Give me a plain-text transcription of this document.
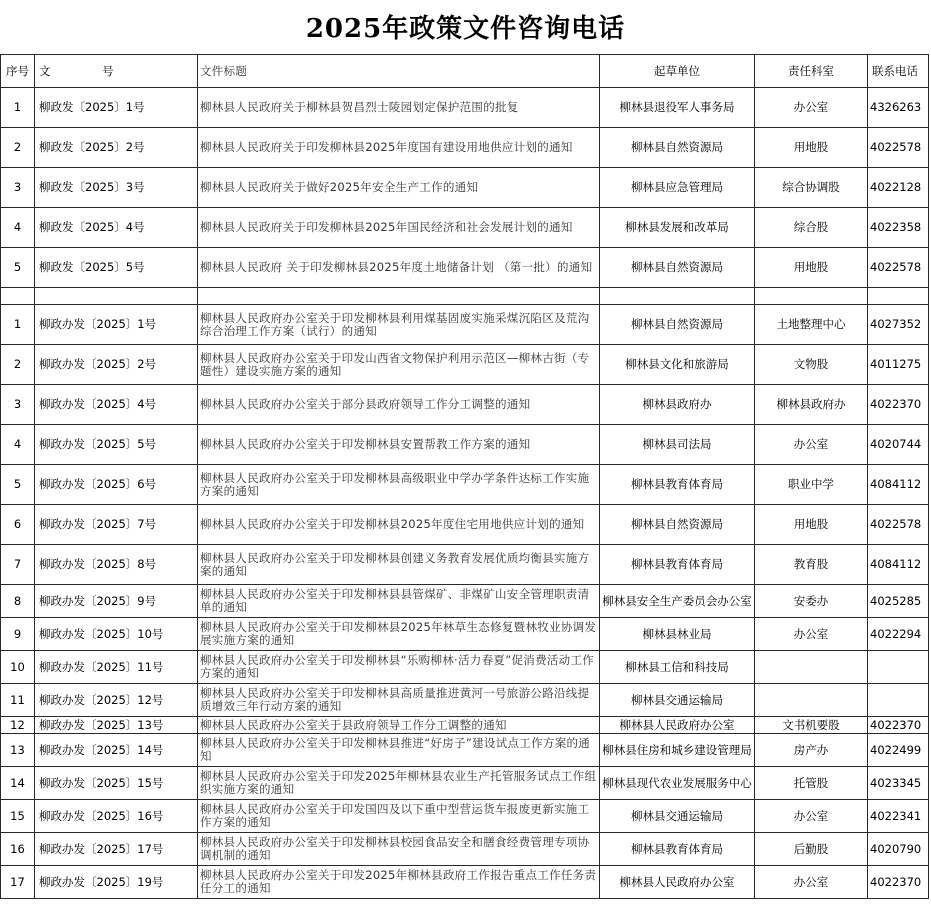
2025年政策文件咨询电话
序号	文 号	文件标题	起草单位	责任科室	联系电话
1	柳政发〔2025〕1号	柳林县人民政府关于柳林县贺昌烈士陵园划定保护范围的批复	柳林县退役军人事务局	办公室	4326263
2	柳政发〔2025〕2号	柳林县人民政府关于印发柳林县2025年度国有建设用地供应计划的通知	柳林县自然资源局	用地股	4022578
3	柳政发〔2025〕3号	柳林县人民政府关于做好2025年安全生产工作的通知	柳林县应急管理局	综合协调股	4022128
4	柳政发〔2025〕4号	柳林县人民政府关于印发柳林县2025年国民经济和社会发展计划的通知	柳林县发展和改革局	综合股	4022358
5	柳政发〔2025〕5号	柳林县人民政府 关于印发柳林县2025年度土地储备计划 （第一批）的通知	柳林县自然资源局	用地股	4022578

1	柳政办发〔2025〕1号	柳林县人民政府办公室关于印发柳林县利用煤基固废实施采煤沉陷区及荒沟综合治理工作方案（试行）的通知	柳林县自然资源局	土地整理中心	4027352
2	柳政办发〔2025〕2号	柳林县人民政府办公室关于印发山西省文物保护利用示范区—柳林古街（专题性）建设实施方案的通知	柳林县文化和旅游局	文物股	4011275
3	柳政办发〔2025〕4号	柳林县人民政府办公室关于部分县政府领导工作分工调整的通知	柳林县政府办	柳林县政府办	4022370
4	柳政办发〔2025〕5号	柳林县人民政府办公室关于印发柳林县安置帮教工作方案的通知	柳林县司法局	办公室	4020744
5	柳政办发〔2025〕6号	柳林县人民政府办公室关于印发柳林县高级职业中学办学条件达标工作实施方案的通知	柳林县教育体育局	职业中学	4084112
6	柳政办发〔2025〕7号	柳林县人民政府办公室关于印发柳林县2025年度住宅用地供应计划的通知	柳林县自然资源局	用地股	4022578
7	柳政办发〔2025〕8号	柳林县人民政府办公室关于印发柳林县创建义务教育发展优质均衡县实施方案的通知	柳林县教育体育局	教育股	4084112
8	柳政办发〔2025〕9号	柳林县人民政府办公室关于印发柳林县县管煤矿、非煤矿山安全管理职责清单的通知	柳林县安全生产委员会办公室	安委办	4025285
9	柳政办发〔2025〕10号	柳林县人民政府办公室关于印发柳林县2025年林草生态修复暨林牧业协调发展实施方案的通知	柳林县林业局	办公室	4022294
10	柳政办发〔2025〕11号	柳林县人民政府办公室关于印发柳林县“乐购柳林·活力春夏”促消费活动工作方案的通知	柳林县工信和科技局		
11	柳政办发〔2025〕12号	柳林县人民政府办公室关于印发柳林县高质量推进黄河一号旅游公路沿线提质增效三年行动方案的通知	柳林县交通运输局		
12	柳政办发〔2025〕13号	柳林县人民政府办公室关于县政府领导工作分工调整的通知	柳林县人民政府办公室	文书机要股	4022370
13	柳政办发〔2025〕14号	柳林县人民政府办公室关于印发柳林县推进“好房子”建设试点工作方案的通知	柳林县住房和城乡建设管理局	房产办	4022499
14	柳政办发〔2025〕15号	柳林县人民政府办公室关于印发2025年柳林县农业生产托管服务试点工作组织实施方案的通知	柳林县现代农业发展服务中心	托管股	4023345
15	柳政办发〔2025〕16号	柳林县人民政府办公室关于印发国四及以下重中型营运货车报废更新实施工作方案的通知	柳林县交通运输局	办公室	4022341
16	柳政办发〔2025〕17号	柳林县人民政府办公室关于印发柳林县校园食品安全和膳食经费管理专项协调机制的通知	柳林县教育体育局	后勤股	4020790
17	柳政办发〔2025〕19号	柳林县人民政府办公室关于印发2025年柳林县政府工作报告重点工作任务责任分工的通知	柳林县人民政府办公室	办公室	4022370
